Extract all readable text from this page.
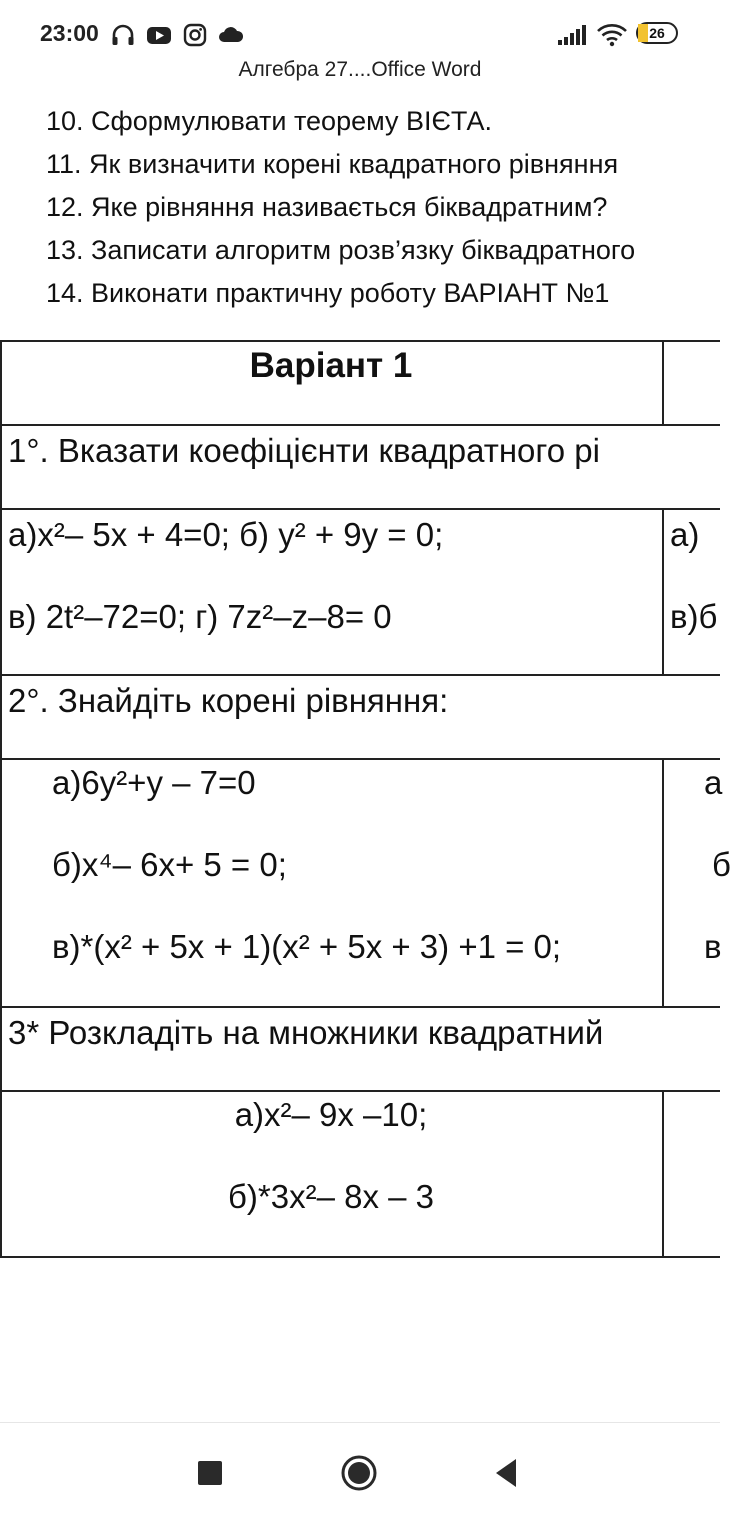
23:00	26
Алгебра 27....Office Word
10. Сформулювати теорему ВІЄТА.
11. Як визначити корені квадратного рівняння
12. Яке рівняння називається біквадратним?
13. Записати алгоритм розв’язку біквадратного
14. Виконати практичну роботу ВАРІАНТ №1
Варіант 1
1°. Вказати коефіцієнти квадратного рі
а)x²– 5x + 4=0; б) y² + 9y = 0;
в) 2t²–72=0; г) 7z²–z–8= 0
а)
в)б
2°. Знайдіть корені рівняння:
а)6y²+y – 7=0
б)x⁴– 6x+ 5 = 0;
в)*(x² + 5x + 1)(x² + 5x + 3) +1 = 0;
а
б
в
3* Розкладіть на множники квадратний
а)x²– 9x –10;
б)*3x²– 8x – 3
